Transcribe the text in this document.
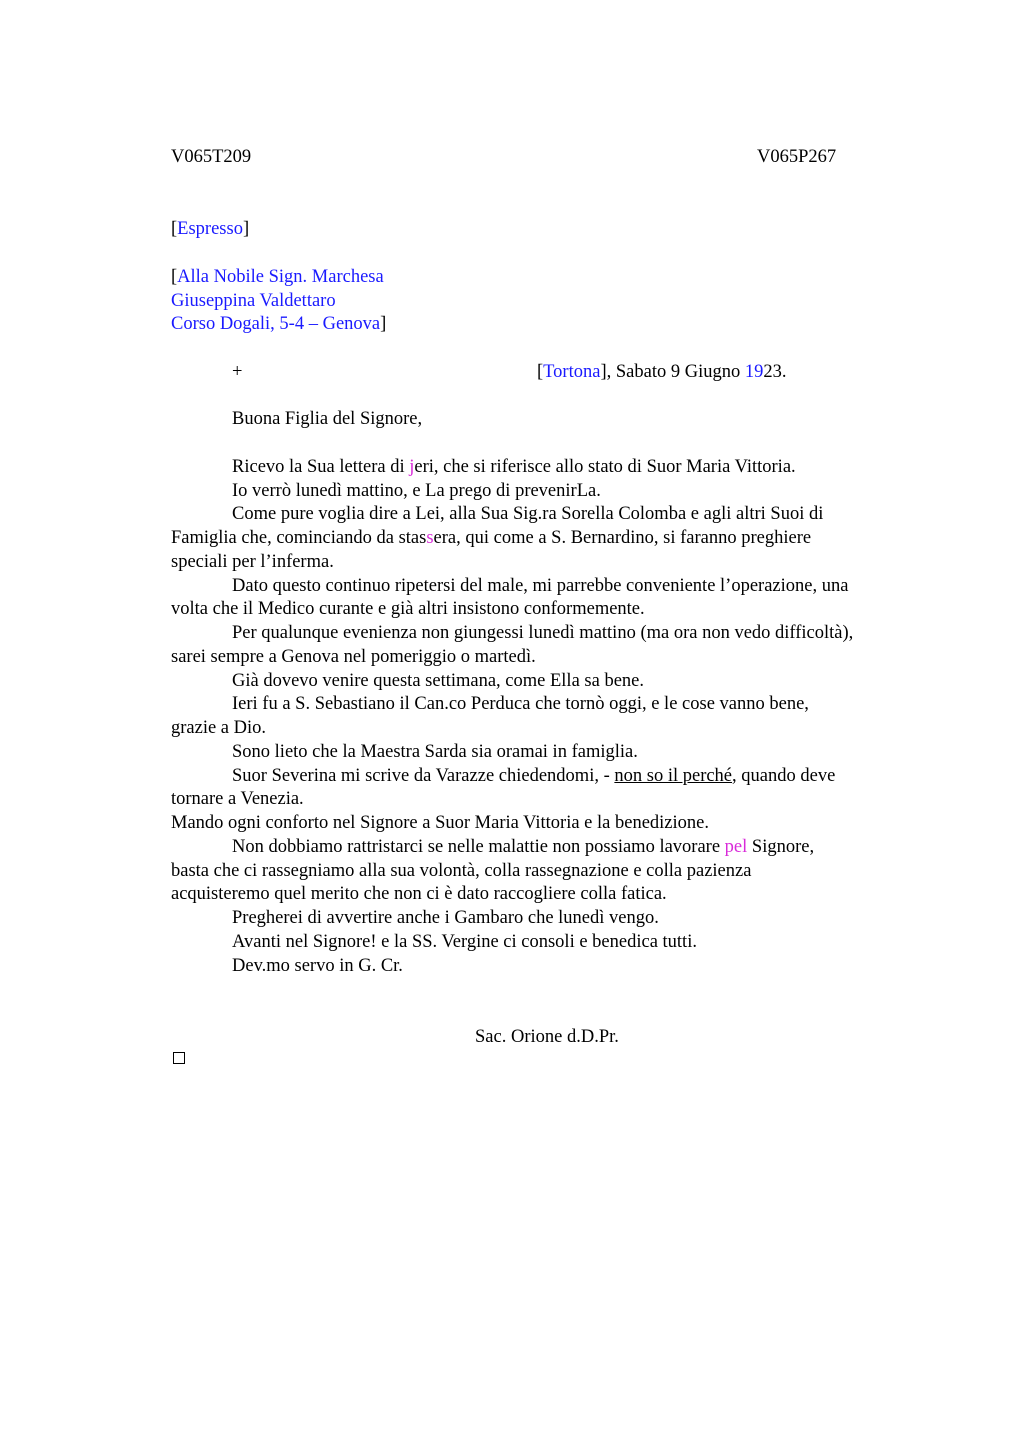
V065T209	V065P267
[Espresso]
[Alla Nobile Sign. Marchesa
Giuseppina Valdettaro
Corso Dogali, 5-4 – Genova]
+	[Tortona], Sabato 9 Giugno 1923.
Buona Figlia del Signore,
Ricevo la Sua lettera di jeri, che si riferisce allo stato di Suor Maria Vittoria.
Io verrò lunedì mattino, e La prego di prevenirLa.
Come pure voglia dire a Lei, alla Sua Sig.ra Sorella Colomba e agli altri Suoi di
Famiglia che, cominciando da stassera, qui come a S. Bernardino, si faranno preghiere
speciali per l’inferma.
Dato questo continuo ripetersi del male, mi parrebbe conveniente l’operazione, una
volta che il Medico curante e già altri insistono conformemente.
Per qualunque evenienza non giungessi lunedì mattino (ma ora non vedo difficoltà),
sarei sempre a Genova nel pomeriggio o martedì.
Già dovevo venire questa settimana, come Ella sa bene.
Ieri fu a S. Sebastiano il Can.co Perduca che tornò oggi, e le cose vanno bene,
grazie a Dio.
Sono lieto che la Maestra Sarda sia oramai in famiglia.
Suor Severina mi scrive da Varazze chiedendomi, - non so il perché, quando deve
tornare a Venezia.
Mando ogni conforto nel Signore a Suor Maria Vittoria e la benedizione.
Non dobbiamo rattristarci se nelle malattie non possiamo lavorare pel Signore,
basta che ci rassegniamo alla sua volontà, colla rassegnazione e colla pazienza
acquisteremo quel merito che non ci è dato raccogliere colla fatica.
Pregherei di avvertire anche i Gambaro che lunedì vengo.
Avanti nel Signore! e la SS. Vergine ci consoli e benedica tutti.
Dev.mo servo in G. Cr.
Sac. Orione d.D.Pr.
